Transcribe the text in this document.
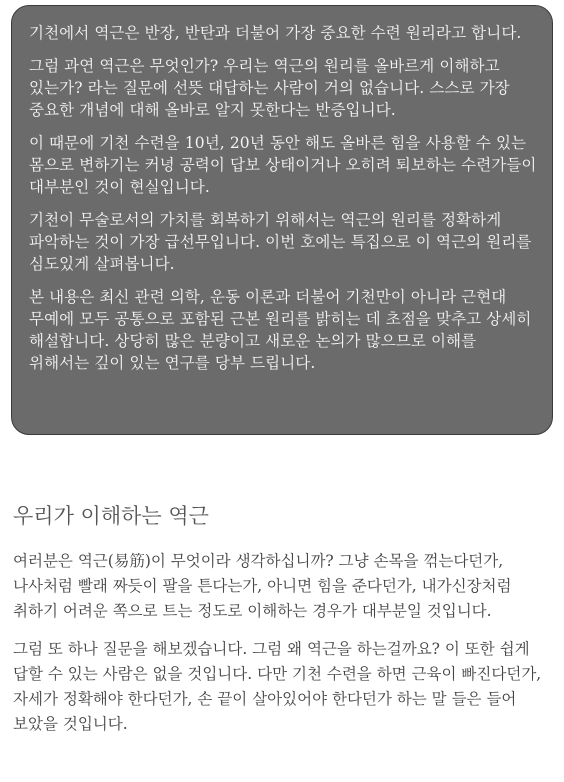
기천에서 역근은 반장, 반탄과 더불어 가장 중요한 수련 원리라고 합니다.

그럼 과연 역근은 무엇인가? 우리는 역근의 원리를 올바르게 이해하고 있는가? 라는 질문에 선뜻 대답하는 사람이 거의 없습니다. 스스로 가장 중요한 개념에 대해 올바로 알지 못한다는 반증입니다.

이 때문에 기천 수련을 10년, 20년 동안 해도 올바른 힘을 사용할 수 있는 몸으로 변하기는 커녕 공력이 답보 상태이거나 오히려 퇴보하는 수련가들이 대부분인 것이 현실입니다.

기천이 무술로서의 가치를 회복하기 위해서는 역근의 원리를 정확하게 파악하는 것이 가장 급선무입니다. 이번 호에는 특집으로 이 역근의 원리를 심도있게 살펴봅니다.

본 내용은 최신 관련 의학, 운동 이론과 더불어 기천만이 아니라 근현대 무예에 모두 공통으로 포함된 근본 원리를 밝히는 데 초점을 맞추고 상세히 해설합니다. 상당히 많은 분량이고 새로운 논의가 많으므로 이해를 위해서는 깊이 있는 연구를 당부 드립니다.

우리가 이해하는 역근

여러분은 역근(易筋)이 무엇이라 생각하십니까? 그냥 손목을 꺾는다던가, 나사처럼 빨래 짜듯이 팔을 튼다는가, 아니면 힘을 준다던가, 내가신장처럼 취하기 어려운 쪽으로 트는 정도로 이해하는 경우가 대부분일 것입니다.

그럼 또 하나 질문을 해보겠습니다. 그럼 왜 역근을 하는걸까요? 이 또한 쉽게 답할 수 있는 사람은 없을 것입니다. 다만 기천 수련을 하면 근육이 빠진다던가, 자세가 정확해야 한다던가, 손 끝이 살아있어야 한다던가 하는 말 들은 들어 보았을 것입니다.
